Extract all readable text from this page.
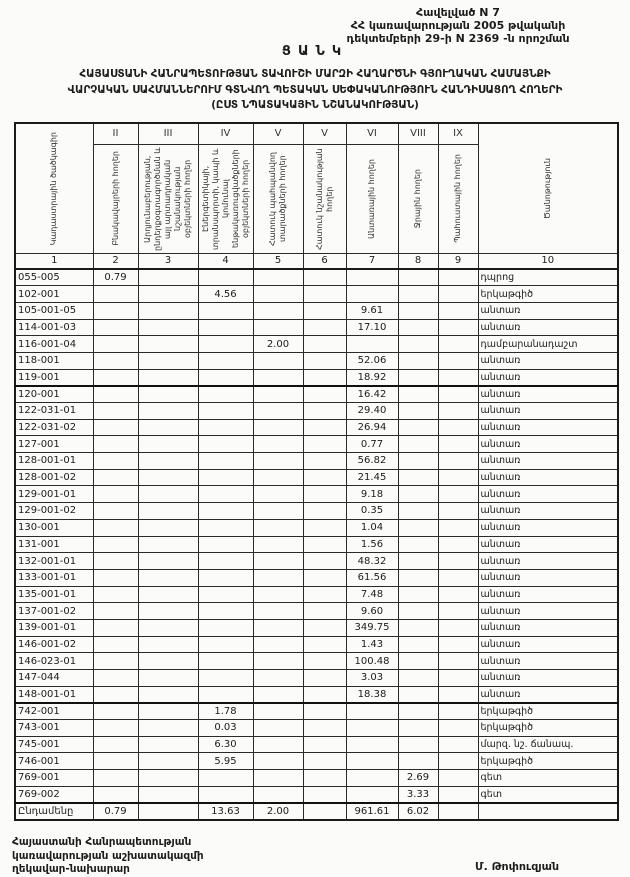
Հավելված N 7
ՀՀ կառավարության 2005 թվականի
դեկտեմբերի 29-ի N 2369 -ն որոշման
ՑԱՆԿ
ՀԱՅԱՍՏԱՆԻ ՀԱՆՐԱՊԵՏՈՒԹՅԱՆ ՏԱՎՈՒՇԻ ՄԱՐԶԻ ՀԱՂԱՐԾՆԻ ԳՅՈՒՂԱԿԱՆ ՀԱՄԱՅՆՔԻ
ՎԱՐՉԱԿԱՆ ՍԱՀՄԱՆՆԵՐՈՒՄ ԳՏՆՎՈՂ ՊԵՏԱԿԱՆ ՍԵՓԱԿԱՆՈՒԹՅՈՒՆ ՀԱՆԴԻՍԱՑՈՂ ՀՈՂԵՐԻ
(ԸՍՏ ՆՊԱՏԱԿԱՅԻՆ ՆՇԱՆԱԿՈՒԹՅԱՆ)
Կադաստրային ծածկագիր	II	III	IV	V	V	VI	VIII	IX	Ծանոթություն

	Բնակավայրերի հողեր	Արդյունաբերության, ընդերքօգտագործման և այլ արտադրական նշանակության օբյեկտների հողեր	Էներգետիկայի, տրանսպորտի, կապի և կոմունալ ենթակառուցվածքների օբյեկտների հողեր	Հատուկ պահպանվող տարածքների հողեր	Հատուկ նշանակության հողեր	Անտառային հողեր	Ջրային հողեր	Պահուստային հողեր	

1	2	3	4	5	6	7	8	9	10
055-005	0.79								դպրոց
102-001			4.56						երկաթգիծ
105-001-05						9.61			անտառ
114-001-03						17.10			անտառ
116-001-04				2.00					դամբարանադաշտ
118-001						52.06			անտառ
119-001						18.92			անտառ
120-001						16.42			անտառ
122-031-01						29.40			անտառ
122-031-02						26.94			անտառ
127-001						0.77			անտառ
128-001-01						56.82			անտառ
128-001-02						21.45			անտառ
129-001-01						9.18			անտառ
129-001-02						0.35			անտառ
130-001						1.04			անտառ
131-001						1.56			անտառ
132-001-01						48.32			անտառ
133-001-01						61.56			անտառ
135-001-01						7.48			անտառ
137-001-02						9.60			անտառ
139-001-01						349.75			անտառ
146-001-02						1.43			անտառ
146-023-01						100.48			անտառ
147-044						3.03			անտառ
148-001-01						18.38			անտառ
742-001			1.78						երկաթգիծ
743-001			0.03						երկաթգիծ
745-001			6.30						մարզ. նշ. ճանապ.
746-001			5.95						երկաթգիծ
769-001							2.69		գետ
769-002							3.33		գետ
Ընդամենը	0.79		13.63	2.00		961.61	6.02		
Հայաստանի Հանրապետության
կառավարության աշխատակազմի
ղեկավար-նախարար	Մ. Թոփուզյան
